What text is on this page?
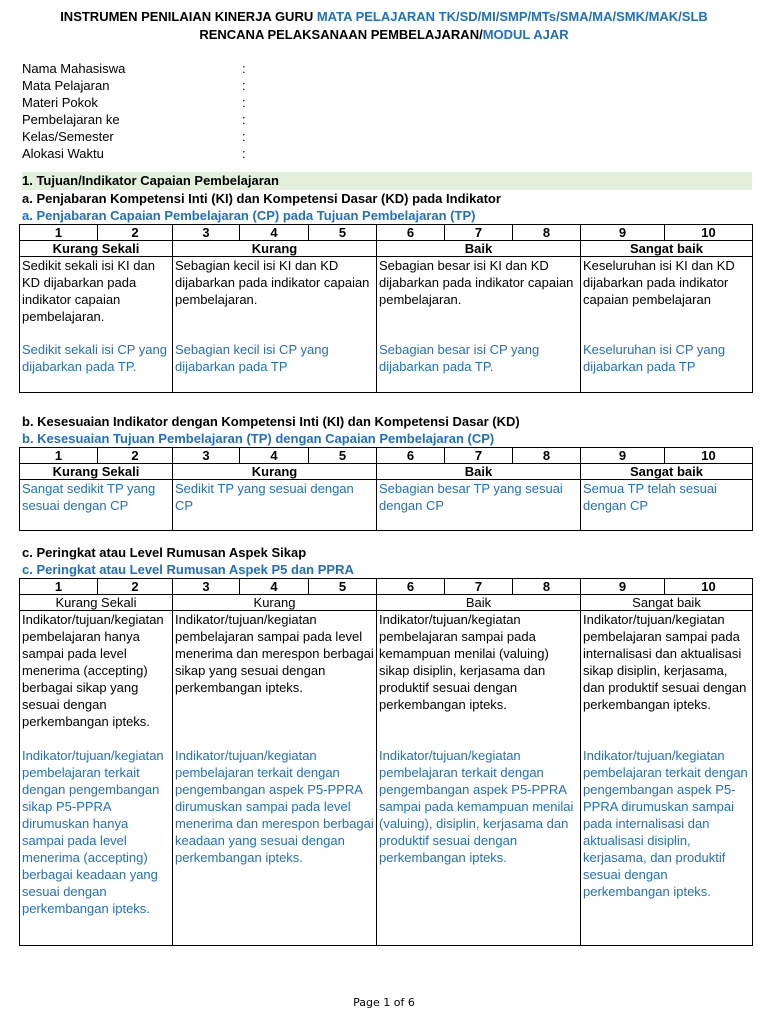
INSTRUMEN PENILAIAN KINERJA GURU MATA PELAJARAN TK/SD/MI/SMP/MTs/SMA/MA/SMK/MAK/SLB
RENCANA PELAKSANAAN PEMBELAJARAN/MODUL AJAR
Nama Mahasiswa	:
Mata Pelajaran	:
Materi Pokok	:
Pembelajaran ke	:
Kelas/Semester	:
Alokasi Waktu	:
1. Tujuan/Indikator Capaian Pembelajaran
a. Penjabaran Kompetensi Inti (KI) dan Kompetensi Dasar (KD) pada Indikator
a. Penjabaran Capaian Pembelajaran (CP) pada Tujuan Pembelajaran (TP)
1	2	3	4	5	6	7	8	9	10
Kurang Sekali		Kurang			Baik			Sangat baik	
Sedikit sekali isi KI dan KD dijabarkan pada indikator capaian pembelajaran.		Sebagian kecil isi KI dan KD dijabarkan pada indikator capaian pembelajaran.			Sebagian besar isi KI dan KD dijabarkan pada indikator capaian pembelajaran.			Keseluruhan isi KI dan KD dijabarkan pada indikator capaian pembelajaran	
Sedikit sekali isi CP yang dijabarkan pada TP.		Sebagian kecil isi CP yang dijabarkan pada TP			Sebagian besar isi CP yang dijabarkan pada TP.			Keseluruhan isi CP yang dijabarkan pada TP	
b. Kesesuaian Indikator dengan Kompetensi Inti (KI) dan Kompetensi Dasar (KD)
b. Kesesuaian Tujuan Pembelajaran (TP) dengan Capaian Pembelajaran (CP)
1	2	3	4	5	6	7	8	9	10
Kurang Sekali		Kurang			Baik			Sangat baik	
Sangat sedikit TP yang sesuai dengan CP		Sedikit TP yang sesuai dengan CP			Sebagian besar TP yang sesuai dengan CP			Semua TP telah sesuai dengan CP	
c. Peringkat atau Level Rumusan Aspek Sikap
c. Peringkat atau Level Rumusan Aspek P5 dan PPRA
1	2	3	4	5	6	7	8	9	10
Kurang Sekali		Kurang			Baik			Sangat baik	
Indikator/tujuan/kegiatan pembelajaran hanya sampai pada level menerima (accepting) berbagai sikap yang sesuai dengan perkembangan ipteks.		Indikator/tujuan/kegiatan pembelajaran sampai pada level menerima dan merespon berbagai sikap yang sesuai dengan perkembangan ipteks.			Indikator/tujuan/kegiatan pembelajaran sampai pada kemampuan menilai (valuing) sikap disiplin, kerjasama dan produktif sesuai dengan perkembangan ipteks.			Indikator/tujuan/kegiatan pembelajaran sampai pada internalisasi dan aktualisasi sikap disiplin, kerjasama, dan produktif sesuai dengan perkembangan ipteks.	
Indikator/tujuan/kegiatan pembelajaran terkait dengan pengembangan sikap P5-PPRA dirumuskan hanya sampai pada level menerima (accepting) berbagai keadaan yang sesuai dengan perkembangan ipteks.		Indikator/tujuan/kegiatan pembelajaran terkait dengan pengembangan aspek P5-PPRA dirumuskan sampai pada level menerima dan merespon berbagai keadaan yang sesuai dengan perkembangan ipteks.			Indikator/tujuan/kegiatan pembelajaran terkait dengan pengembangan aspek P5-PPRA sampai pada kemampuan menilai (valuing), disiplin, kerjasama dan produktif sesuai dengan perkembangan ipteks.			Indikator/tujuan/kegiatan pembelajaran terkait dengan pengembangan aspek P5-PPRA dirumuskan sampai pada internalisasi dan aktualisasi disiplin, kerjasama, dan produktif sesuai dengan perkembangan ipteks.	
Page 1 of 6
